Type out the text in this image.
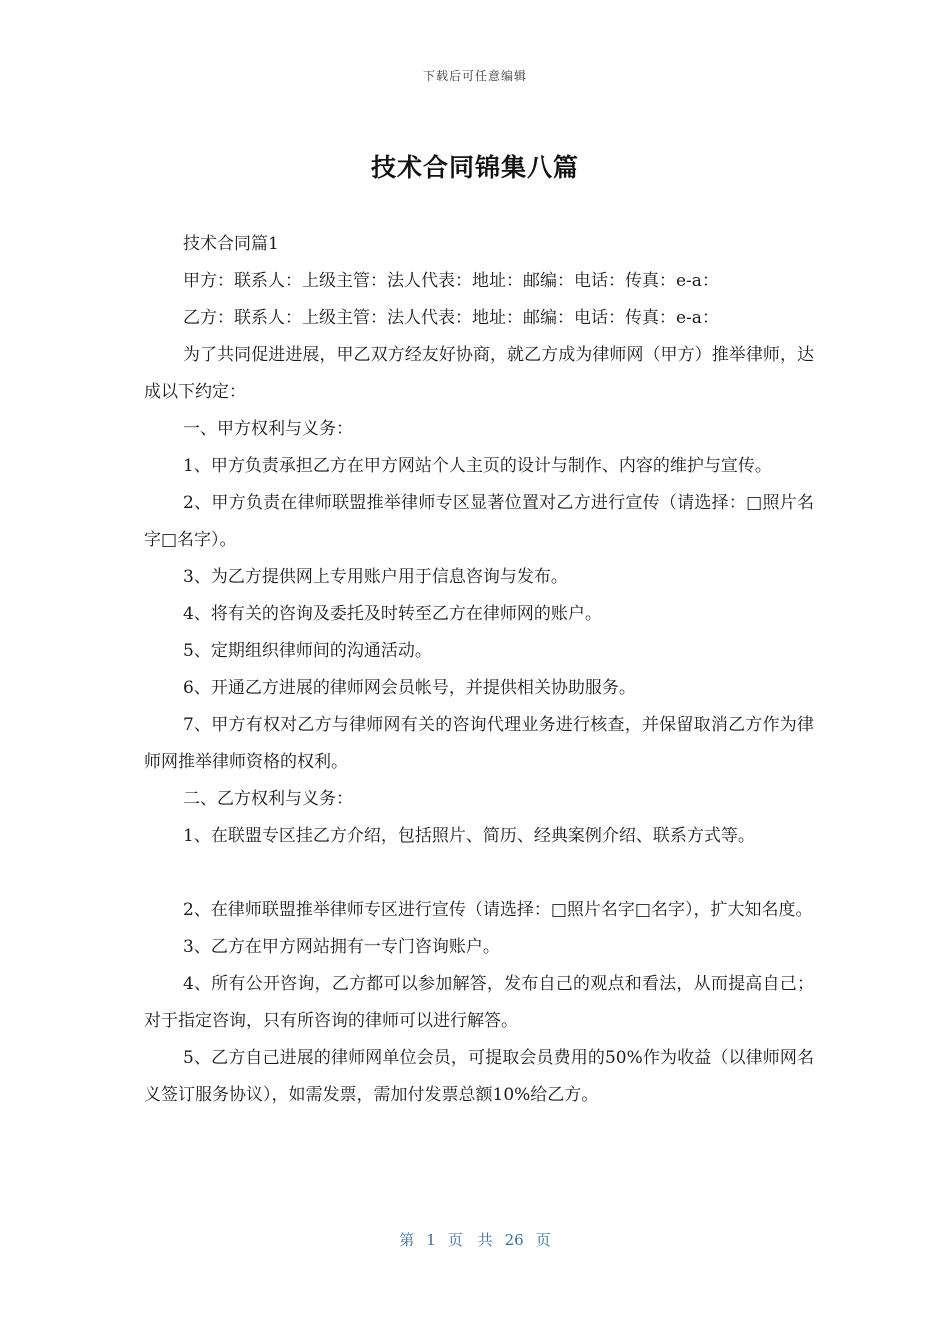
下载后可任意编辑
技术合同锦集八篇

技术合同篇1

甲方：联系人：上级主管：法人代表：地址：邮编：电话：传真：e-a：

乙方：联系人：上级主管：法人代表：地址：邮编：电话：传真：e-a：

为了共同促进进展，甲乙双方经友好协商，就乙方成为律师网（甲方）推举律师，达成以下约定：

一、甲方权利与义务：

1、甲方负责承担乙方在甲方网站个人主页的设计与制作、内容的维护与宣传。

2、甲方负责在律师联盟推举律师专区显著位置对乙方进行宣传（请选择：□照片名字□名字）。

3、为乙方提供网上专用账户用于信息咨询与发布。

4、将有关的咨询及委托及时转至乙方在律师网的账户。

5、定期组织律师间的沟通活动。

6、开通乙方进展的律师网会员帐号，并提供相关协助服务。

7、甲方有权对乙方与律师网有关的咨询代理业务进行核查，并保留取消乙方作为律师网推举律师资格的权利。

二、乙方权利与义务：

1、在联盟专区挂乙方介绍，包括照片、简历、经典案例介绍、联系方式等。

2、在律师联盟推举律师专区进行宣传（请选择：□照片名字□名字），扩大知名度。

3、乙方在甲方网站拥有一专门咨询账户。

4、所有公开咨询，乙方都可以参加解答，发布自己的观点和看法，从而提高自己；对于指定咨询，只有所咨询的律师可以进行解答。

5、乙方自己进展的律师网单位会员，可提取会员费用的50%作为收益（以律师网名义签订服务协议），如需发票，需加付发票总额10%给乙方。

第 1 页 共 26 页
